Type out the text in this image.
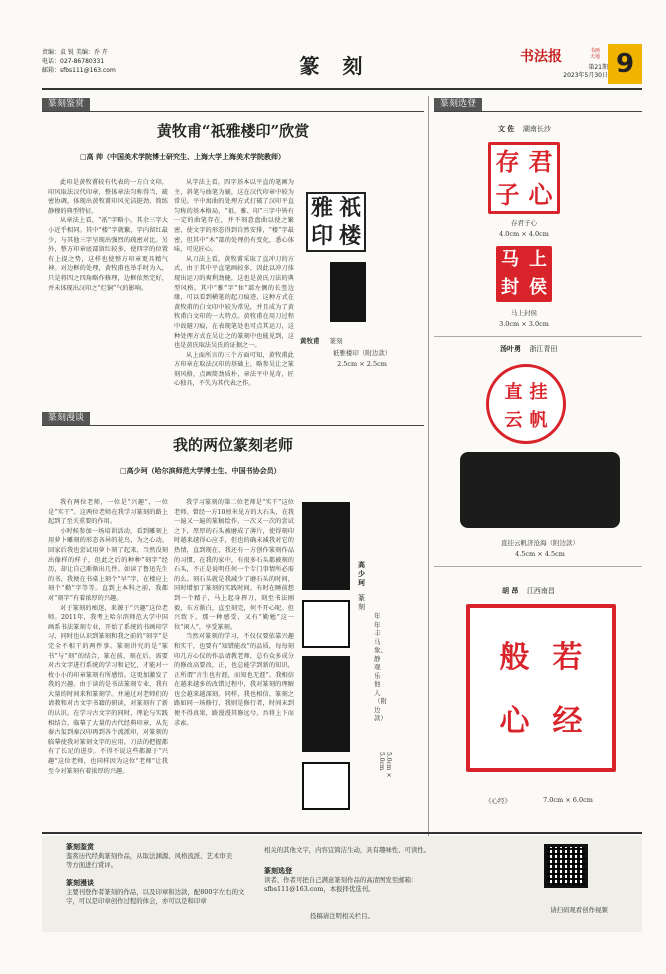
责编：袁 锐 美编：乔 卉
电话：027-86780331
邮箱：sfbs111@163.com	篆 刻	书法报	书画天地
第21期
2023年5月30日 9
篆刻鉴赏
黄牧甫“祇雅楼印”欣赏
□高 帅（中国美术学院博士研究生、上海大学上海美术学院教师）

此印是黄牧甫较有代表的一方白文印，印风取法汉代印章，整体章法匀称得当，疏密协调，体现出黄牧甫印风光洁挺劲、简练静穆的典型特征。

从章法上看，“祇”字略小，其余三字大小近乎相同。其中“楼”字就繁，字内留红最少，与其他三字呈现出强烈的疏密对比。另外，整方印章底部留红较多，使四字的位置有上提之势，这样也使整方印章更具精气神。对边框的处理，黄牧甫也举手时为入，只是将四之四角略作修理，边框依然完好，并未体现出汉印之“烂铜”气的影响。

从字法上看，四字基本以平直的笔画为主，斜笔与曲笔为辅，这在汉代印章中较为常见。平中寓曲的处理方式打破了汉印平直匀称的基本格局，“祇、雅、印”三字中皆有一定的曲笔存在，并不刻意盘曲以使之繁密，使文字的形态得到自然安排，“楼”字最密，但其中“木”部的处理仍有变化，悉心体味，可见匠心。

从刀法上看，黄牧甫采取了直冲刀的方式，由于其中平直笔画较多，因此以冲刀体现出运刀的爽利劲健，这也是黄氏刀法的典型风格。其中“雅”字“隹”部左侧的长竖边缘，可以看到横笔的起刀痕迹，这种方式在黄牧甫的白文印中较为常见，并且成为了黄牧甫白文印的一大特点。黄牧甫在用刀过程中故避刀痕，在表现笔处也可点其运刀，这种处理方式在吴让之的篆刻中也能见到，这也是黄氏取法吴氏的证据之一。

从上面所言的三个方面可知，黄牧甫此方印章在取法汉印的基础上，略参吴让之篆刻风格，点画简劲质朴，章法平中见奇，匠心独具，不失为其代表之作。

雅 祇
印 楼
黄牧甫 篆刻
祇雅楼印（附边款）
2.5cm × 2.5cm
篆刻漫谈
我的两位篆刻老师
□高少珂（哈尔滨师范大学博士生、中国书协会员）

我有两位老师，一位是“兴趣”，一位是“实干”。这两位老师在我学习篆刻的路上起到了至关重要的作用。

小时候参加一场培训活动，看到雕刻上用萝卜雕刻的形态各异的花鸟，为之心动。回家后我也尝试用萝卜刻了起来，当然没刻出像样的样子，但此之后的种种“刻字”经历，却让自己渐渐出几件。如读了鲁迅先生的书，我便在书桌上刻个“早”字，在楼应上刻个“勤”字等等。直到上本科之前，我都对“刻字”有着浓厚的兴趣。

对于篆刻的痴迷，来源于“兴趣”这位老师。2011年，我考上哈尔滨师范大学中国画系书法篆刻专业，开始了系统的书画印学习，同时也认识到篆刻和我之前的“刻字”是完全不相干的两件事。篆刻讲究的是“篆书”与“刻”的结合，篆在前，刻在后，需要对古文字进行系统的学习和记忆，才能对一枚小小的印章篆刻有所感悟。这更加激发了我的兴趣。由于读的是书法篆刻专业，我有大量的时间来和篆刻学。并通过对老师们的请教和对古文字书籍的研读，对篆刻有了新的认识。在学习古文字的同时，理论与实践相结合，临摹了大量的古代经典印章，从先秦古玺到秦汉印再到各个流派印，对篆刻的临摹使我对篆刻文字的应用，刀法的把握都有了长足的进步。不得不说这些都源于“兴趣”这位老师，也同样因为这位“老师”让我至今对篆刻有着浓厚的兴趣。

我学习篆刻的第二位老师是“实干”这位老师。曾经一方10厘米见方的大石头，在我一遍又一遍的篆稿绘作，一次又一次的尝试之下，厚厚的石头被磨成了薄片，使得刻印时越来越得心应手，但也的确未减我对它的热情，直到现在，我还有一方创作篆刻作品的习惯，在我的家中，有很多石头都被刻的石头，不正是说明任何一个专门事情所必需的么。刻石头就是我减少了磨石头的时间，同时增加了篆刻的实践时间。有时在睡前想到一个精子，马上起身挥刀，刻至书法刚毅，东方渐白，直至刻完，何不开心呢。但兴致下，那一种感受，又有“勤勉”这一位“闲人”，享受篆刻。

当然对篆刻的学习，不仅仅要依靠兴趣和实干，也要有“知错能改”的品质，每每刻印几方心仪的作品请教老师，总有众多成分的修改高要改，正，也总能学到新的知识，正所谓“言生也有涯，而知也无涯”。我相信在越来越多的改错过程中，我对篆刻的理解也会越来越深刻。同样，我也相信，篆刻之路如同一场修行，我则是修行者，时间未到便不得真果，路漫漫其修远兮，吾将上下而求索。

高少珂
篆刻
年年丰马象、静观乐他人（附边款）
5.0cm × 5.0cm
篆刻选登
文 佐 湖南长沙
存 君
子 心
存君子心
4.0cm × 4.0cm
马 上
封 侯
马上封侯
3.0cm × 3.0cm
汤叶勇 浙江青田
直 挂
云 帆
直挂云帆济沧海（附边款）
4.5cm × 4.5cm
胡 昂 江西南昌
般 若
心 经
《心经》	7.0cm × 6.0cm
篆刻鉴赏
鉴赏历代经典篆刻作品，从取法渊源、风格流派、艺术审美等方面进行赏评。
篆刻漫谈
主要刊登作者篆刻的作品，以及印章和边款，配800字左右的文字，可以是印章创作过程的体会，亦可以是和印章
相关的其他文字，内容宜简洁生动，具有趣味性、可读性。
篆刻选登
读者、作者可把自己满意篆刻作品的高清图发至邮箱：sfbs111@163.com，本报择优选刊。
投稿请注明相关栏目。
请扫码观看创作视频
